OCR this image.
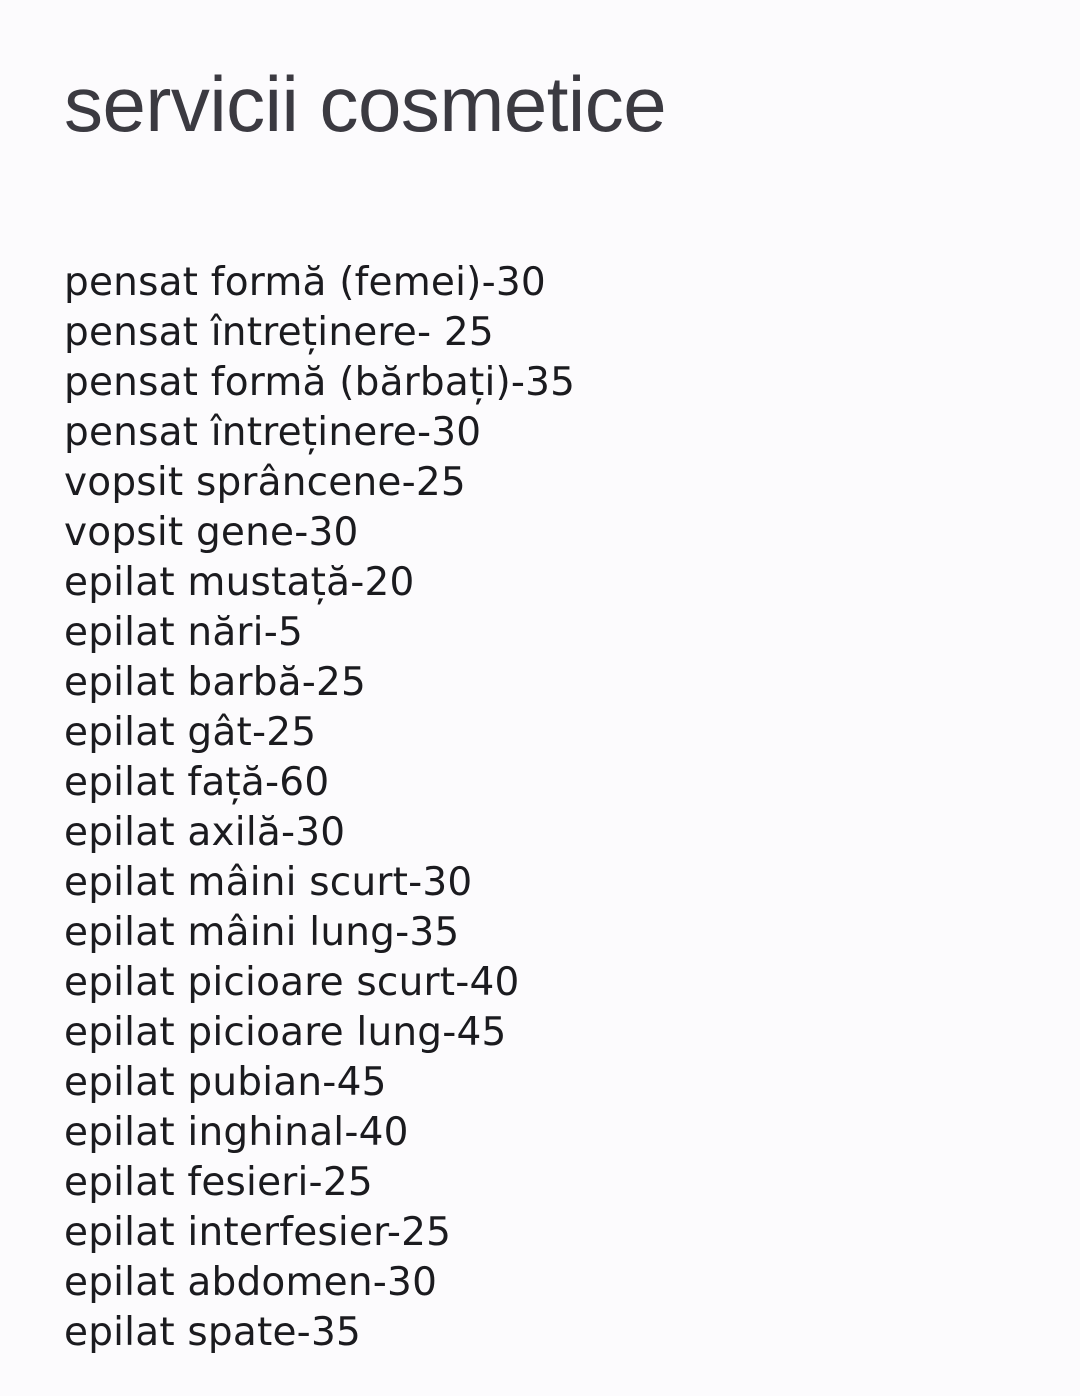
servicii cosmetice
pensat formă (femei)-30
pensat întreținere- 25
pensat formă (bărbați)-35
pensat întreținere-30
vopsit sprâncene-25
vopsit gene-30
epilat mustață-20
epilat nări-5
epilat barbă-25
epilat gât-25
epilat față-60
epilat axilă-30
epilat mâini scurt-30
epilat mâini lung-35
epilat picioare scurt-40
epilat picioare lung-45
epilat pubian-45
epilat inghinal-40
epilat fesieri-25
epilat interfesier-25
epilat abdomen-30
epilat spate-35
